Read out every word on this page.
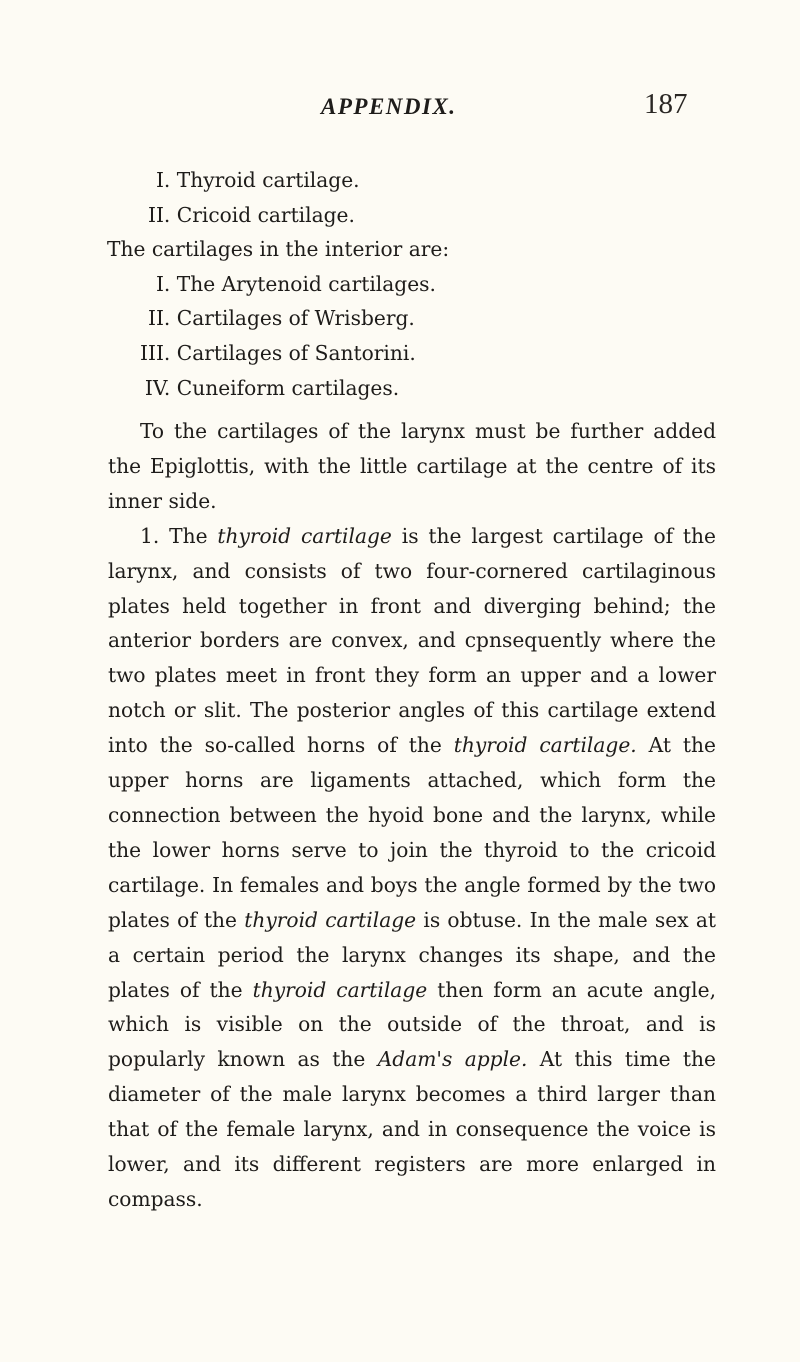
APPENDIX.	187
I. Thyroid cartilage.
II. Cricoid cartilage.
The cartilages in the interior are:
I. The Arytenoid cartilages.
II. Cartilages of Wrisberg.
III. Cartilages of Santorini.
IV. Cuneiform cartilages.

To the cartilages of the larynx must be further added the Epiglottis, with the little cartilage at the centre of its inner side.

1. The thyroid cartilage is the largest cartilage of the larynx, and consists of two four-cornered cartilaginous plates held together in front and diverging behind; the anterior borders are convex, and cpnsequently where the two plates meet in front they form an upper and a lower notch or slit. The posterior angles of this cartilage extend into the so-called horns of the thyroid cartilage. At the upper horns are ligaments attached, which form the connection between the hyoid bone and the larynx, while the lower horns serve to join the thyroid to the cricoid cartilage. In females and boys the angle formed by the two plates of the thyroid cartilage is obtuse. In the male sex at a certain period the larynx changes its shape, and the plates of the thyroid cartilage then form an acute angle, which is visible on the outside of the throat, and is popularly known as the Adam's apple. At this time the diameter of the male larynx becomes a third larger than that of the female larynx, and in consequence the voice is lower, and its different registers are more enlarged in compass.
